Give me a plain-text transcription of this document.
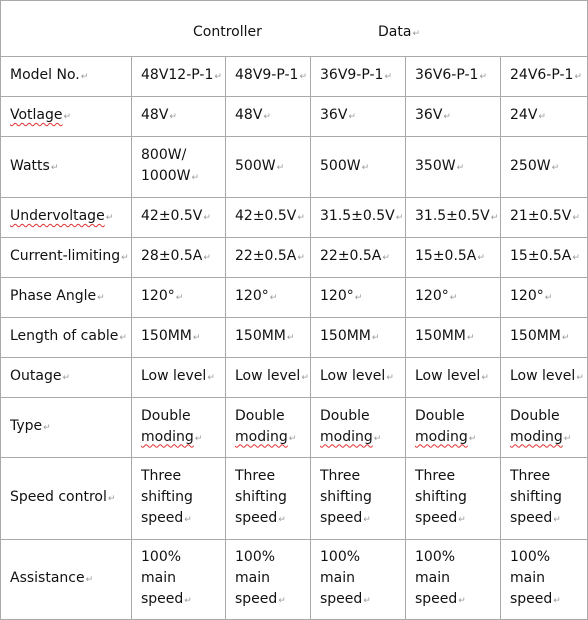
Controller Data↵					

Model No.↵	48V12-P-1↵	48V9-P-1↵	36V9-P-1↵	36V6-P-1↵	24V6-P-1↵
Votlage↵	48V↵	48V↵	36V↵	36V↵	24V↵
Watts↵	800W/
1000W↵	500W↵	500W↵	350W↵	250W↵
Undervoltage↵	42±0.5V↵	42±0.5V↵	31.5±0.5V↵	31.5±0.5V↵	21±0.5V↵
Current-limiting↵	28±0.5A↵	22±0.5A↵	22±0.5A↵	15±0.5A↵	15±0.5A↵
Phase Angle↵	120°↵	120°↵	120°↵	120°↵	120°↵
Length of cable↵	150MM↵	150MM↵	150MM↵	150MM↵	150MM↵
Outage↵	Low level↵	Low level↵	Low level↵	Low level↵	Low level↵
Type↵	Double
moding↵	Double
moding↵	Double
moding↵	Double
moding↵	Double
moding↵
Speed control↵	Three
shifting
speed↵	Three
shifting
speed↵	Three
shifting
speed↵	Three
shifting
speed↵	Three
shifting
speed↵
Assistance↵	100%
main
speed↵	100%
main
speed↵	100%
main
speed↵	100%
main
speed↵	100%
main
speed↵
